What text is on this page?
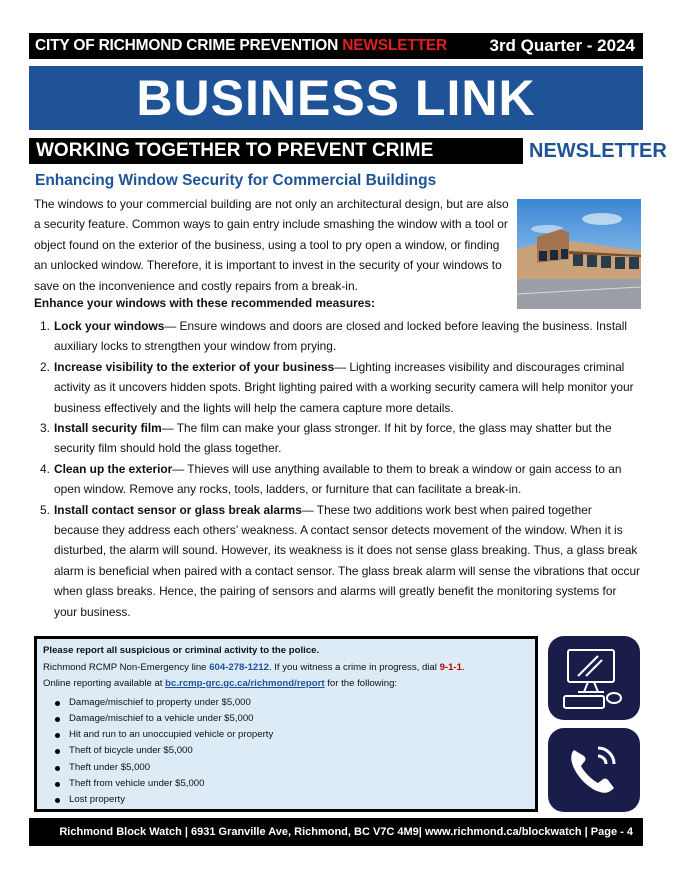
CITY OF RICHMOND CRIME PREVENTION NEWSLETTER 3rd Quarter - 2024
BUSINESS LINK
WORKING TOGETHER TO PREVENT CRIME	NEWSLETTER
Enhancing Window Security for Commercial Buildings
The windows to your commercial building are not only an architectural design, but are also a security feature. Common ways to gain entry include smashing the window with a tool or object found on the exterior of the business, using a tool to pry open a window, or finding an unlocked window. Therefore, it is important to invest in the security of your windows to save on the inconvenience and costly repairs from a break-in.
Enhance your windows with these recommended measures:
1. Lock your windows— Ensure windows and doors are closed and locked before leaving the business. Install auxiliary locks to strengthen your window from prying.
2. Increase visibility to the exterior of your business— Lighting increases visibility and discourages criminal activity as it uncovers hidden spots. Bright lighting paired with a working security camera will help monitor your business effectively and the lights will help the camera capture more details.
3. Install security film— The film can make your glass stronger. If hit by force, the glass may shatter but the security film should hold the glass together.
4. Clean up the exterior— Thieves will use anything available to them to break a window or gain access to an open window. Remove any rocks, tools, ladders, or furniture that can facilitate a break-in.
5. Install contact sensor or glass break alarms— These two additions work best when paired together because they address each others’ weakness. A contact sensor detects movement of the window. When it is disturbed, the alarm will sound. However, its weakness is it does not sense glass breaking. Thus, a glass break alarm is beneficial when paired with a contact sensor. The glass break alarm will sense the vibrations that occur when glass breaks. Hence, the pairing of sensors and alarms will greatly benefit the monitoring systems for your business.
Please report all suspicious or criminal activity to the police.
Richmond RCMP Non-Emergency line 604-278-1212. If you witness a crime in progress, dial 9-1-1.
Online reporting available at bc.rcmp-grc.gc.ca/richmond/report for the following:
Damage/mischief to property under $5,000
Damage/mischief to a vehicle under $5,000
Hit and run to an unoccupied vehicle or property
Theft of bicycle under $5,000
Theft under $5,000
Theft from vehicle under $5,000
Lost property
Richmond Block Watch | 6931 Granville Ave, Richmond, BC V7C 4M9| www.richmond.ca/blockwatch | Page - 4
